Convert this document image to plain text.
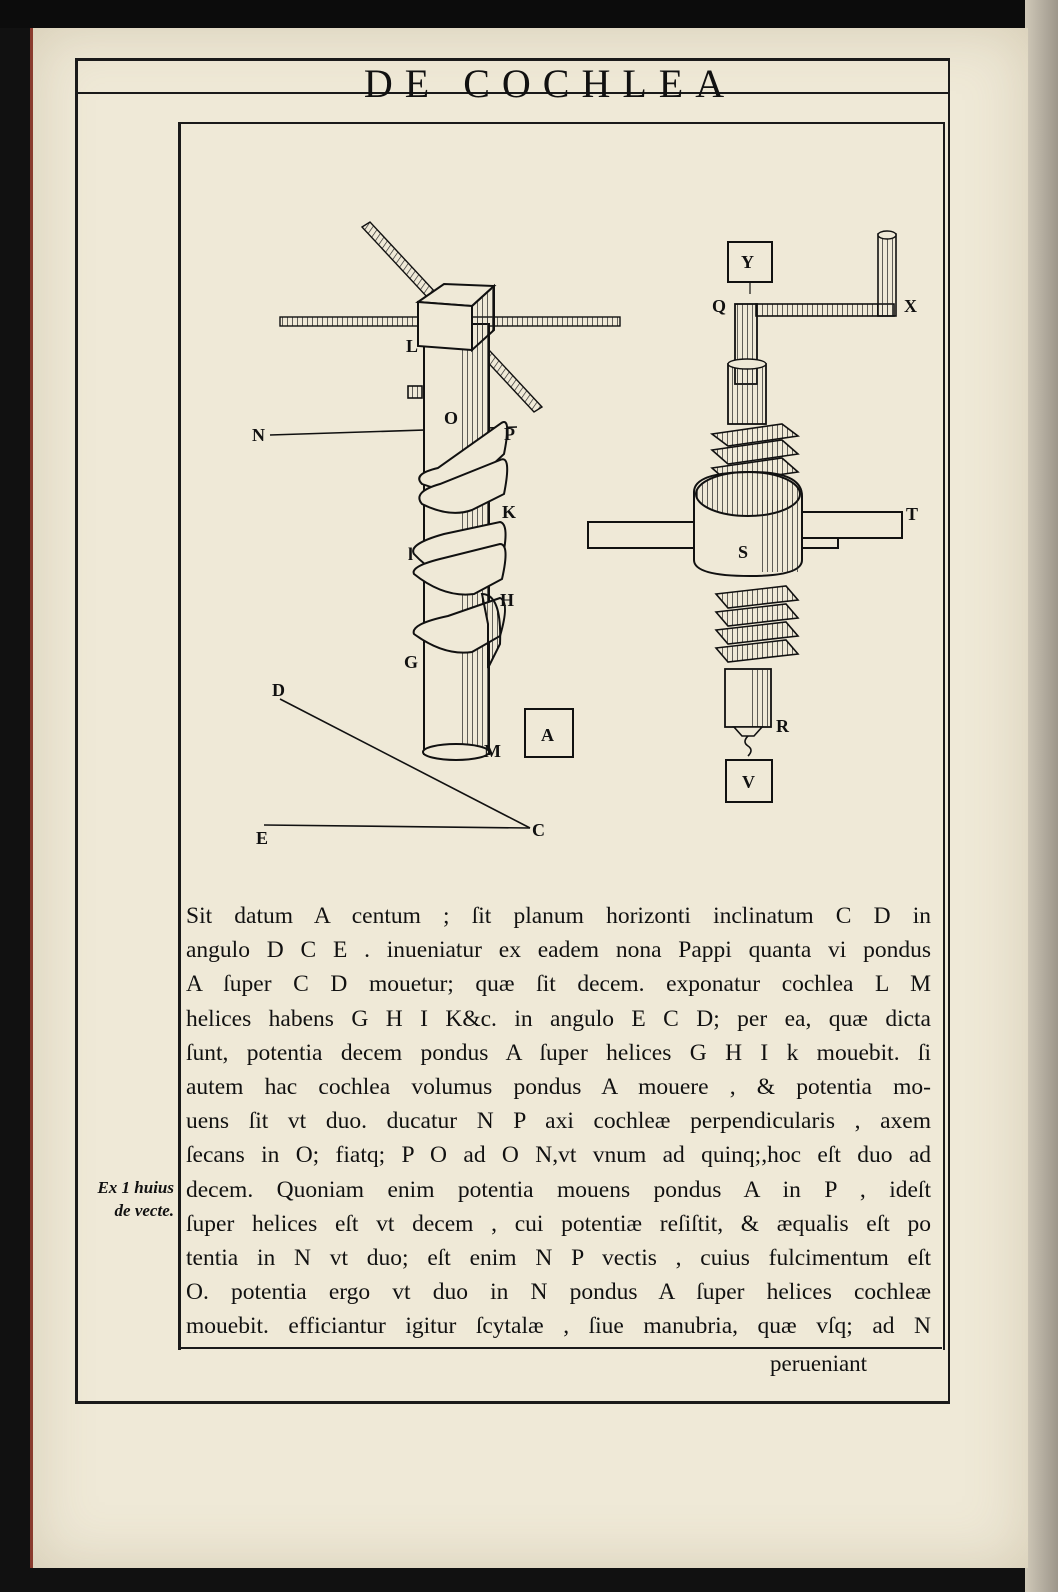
DE COCHLEA
L
N
O
P
K
l
H
G
D
A
M
E	C
Y
Q	X
T
S
R
V
Sit datum A centum ; ſit planum horizonti inclinatum C D in
angulo D C E . inueniatur ex eadem nona Pappi quanta vi pondus
A ſuper C D mouetur; quæ ſit decem. exponatur cochlea L M
helices habens G H I K&c. in angulo E C D; per ea, quæ dicta
ſunt, potentia decem pondus A ſuper helices G H I k mouebit. ſi
autem hac cochlea volumus pondus A mouere , & potentia mo-
uens ſit vt duo. ducatur N P axi cochleæ perpendicularis , axem
ſecans in O; fiatq; P O ad O N,vt vnum ad quinq;,hoc eſt duo ad
decem. Quoniam enim potentia mouens pondus A in P , ideſt
ſuper helices eſt vt decem , cui potentiæ reſiſtit, & æqualis eſt po
tentia in N vt duo; eſt enim N P vectis , cuius fulcimentum eſt
O. potentia ergo vt duo in N pondus A ſuper helices cochleæ
mouebit. efficiantur igitur ſcytalæ , ſiue manubria, quæ vſq; ad N
Ex 1 huius
de vecte.
perueniant
